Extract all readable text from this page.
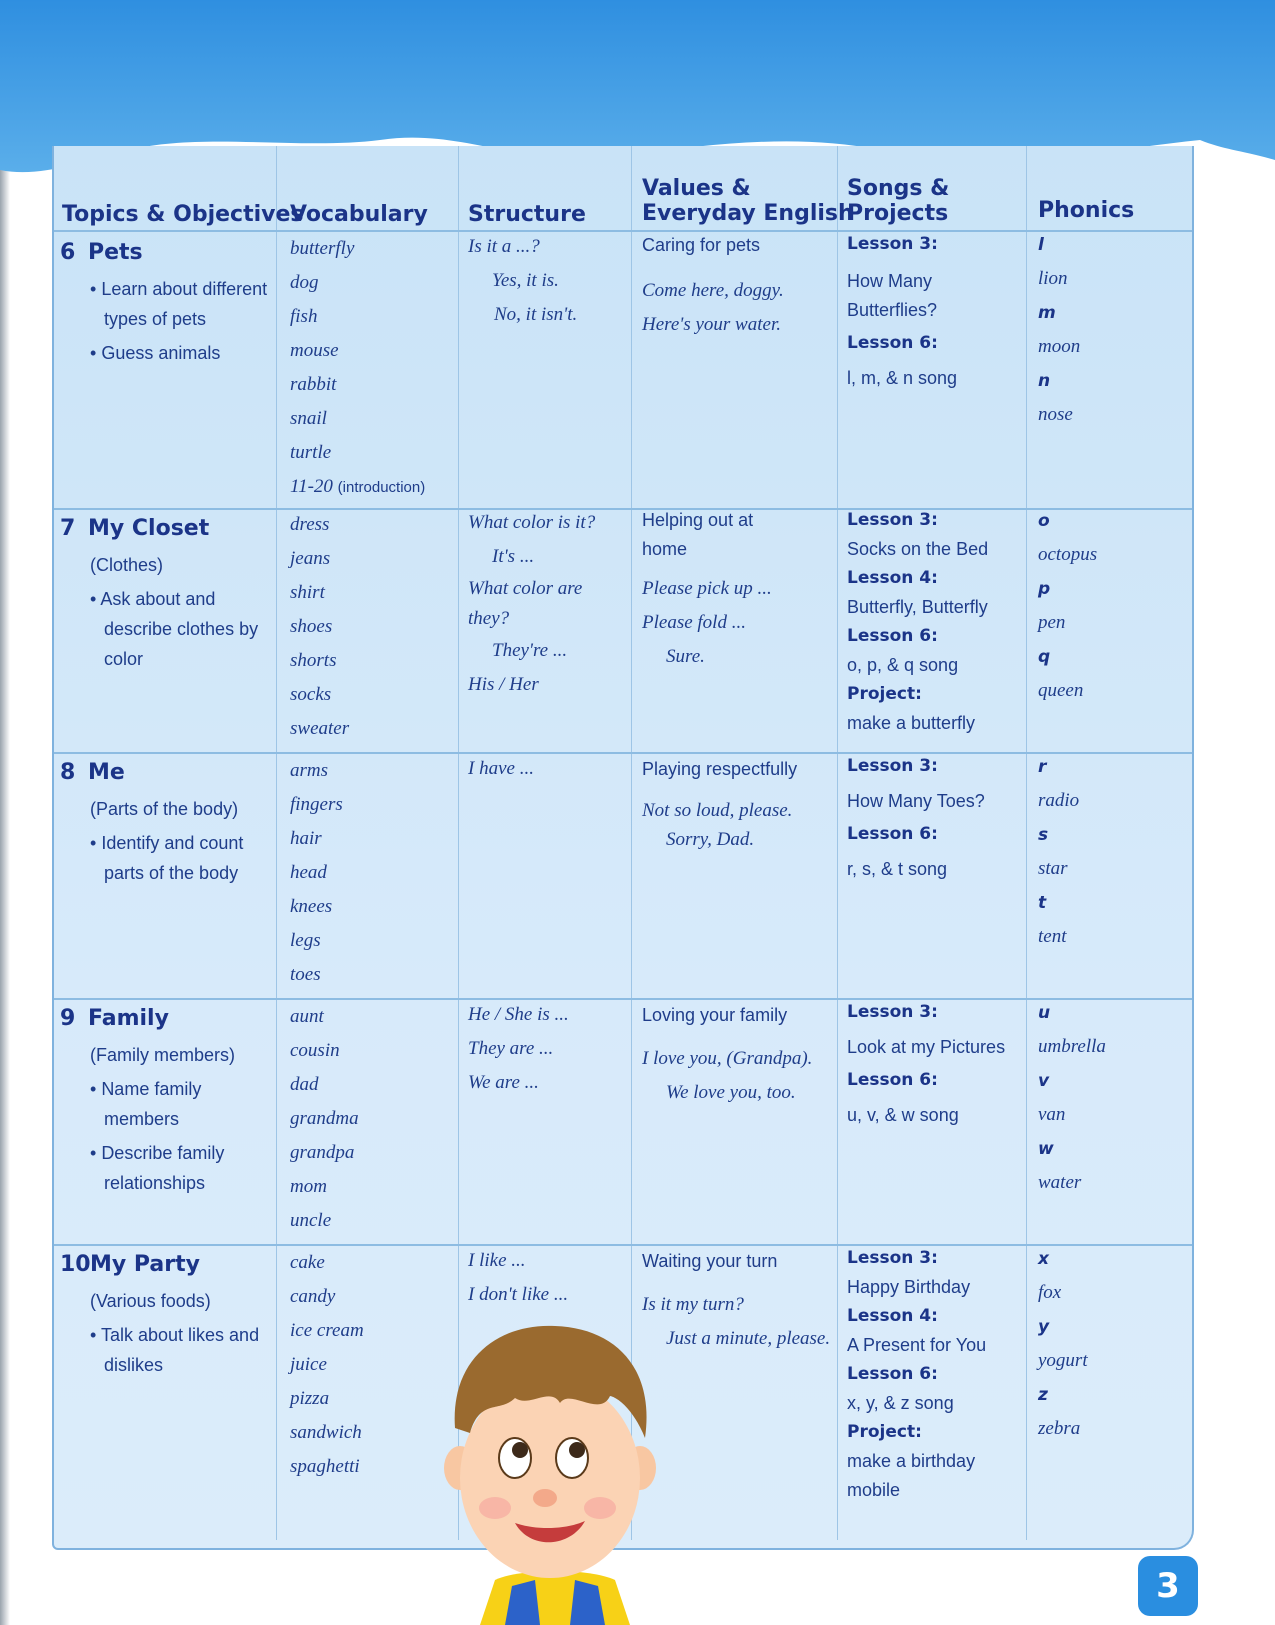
Topics & Objectives
Vocabulary Structure
Values &
Everyday English
Songs &
Projects	Phonics
6 Pets
• Learn about different types of pets
• Guess animals
butterfly
dog
fish
mouse
rabbit
snail
turtle
11-20 (introduction)
Is it a ...?
Yes, it is.
No, it isn't.
Caring for pets
Come here, doggy.
Here's your water.
Lesson 3:
How Many Butterflies?
Lesson 6:
l, m, & n song
l
lion
m
moon
n
nose
7 My Closet
(Clothes)
• Ask about and describe clothes by color
dress
jeans
shirt
shoes
shorts
socks
sweater
What color is it?
It's ...
What color are they?
They're ...
His / Her
Helping out at home
Please pick up ...
Please fold ...
Sure.
Lesson 3:
Socks on the Bed
Lesson 4:
Butterfly, Butterfly
Lesson 6:
o, p, & q song
Project:
make a butterfly
o
octopus
p
pen
q
queen
8 Me
(Parts of the body)
• Identify and count parts of the body
arms
fingers
hair
head
knees
legs
toes
I have ...	Playing respectfully
Not so loud, please.
Sorry, Dad.
Lesson 3:
How Many Toes?
Lesson 6:
r, s, & t song
r
radio
s
star
t
tent
9 Family
(Family members)
• Name family members
• Describe family relationships
aunt
cousin
dad
grandma
grandpa
mom
uncle
He / She is ...
They are ...
We are ...
Loving your family
I love you, (Grandpa).
We love you, too.
Lesson 3:
Look at my Pictures
Lesson 6:
u, v, & w song
u
umbrella
v
van
w
water
10My Party
(Various foods)
• Talk about likes and dislikes
cake
candy
ice cream
juice
pizza
sandwich
spaghetti
I like ...
I don't like ...
Waiting your turn
Is it my turn?
Just a minute, please.
Lesson 3:
Happy Birthday
Lesson 4:
A Present for You
Lesson 6:
x, y, & z song
Project:
make a birthday mobile
x
fox
y
yogurt
z
zebra
3
